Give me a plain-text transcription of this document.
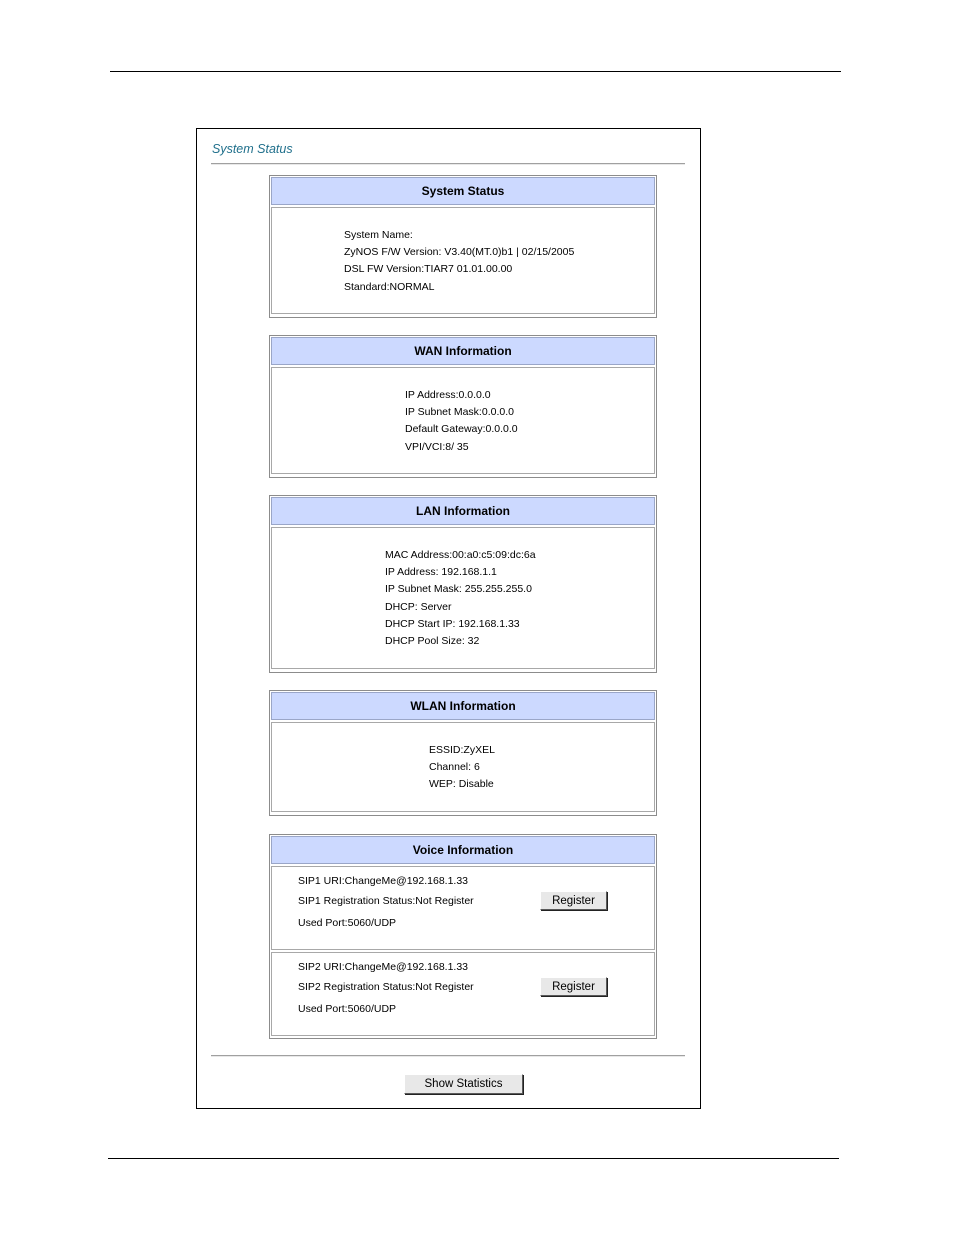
System Status
System Status
System Name:
ZyNOS F/W Version: V3.40(MT.0)b1 | 02/15/2005
DSL FW Version:TIAR7 01.01.00.00
Standard:NORMAL
WAN Information
IP Address:0.0.0.0
IP Subnet Mask:0.0.0.0
Default Gateway:0.0.0.0
VPI/VCI:8/ 35
LAN Information
MAC Address:00:a0:c5:09:dc:6a
IP Address: 192.168.1.1
IP Subnet Mask: 255.255.255.0
DHCP: Server
DHCP Start IP: 192.168.1.33
DHCP Pool Size: 32
WLAN Information
ESSID:ZyXEL
Channel: 6
WEP: Disable
Voice Information
SIP1 URI:ChangeMe@192.168.1.33
SIP1 Registration Status:Not Register
Used Port:5060/UDP
Register
SIP2 URI:ChangeMe@192.168.1.33
SIP2 Registration Status:Not Register
Used Port:5060/UDP
Register
Show Statistics
